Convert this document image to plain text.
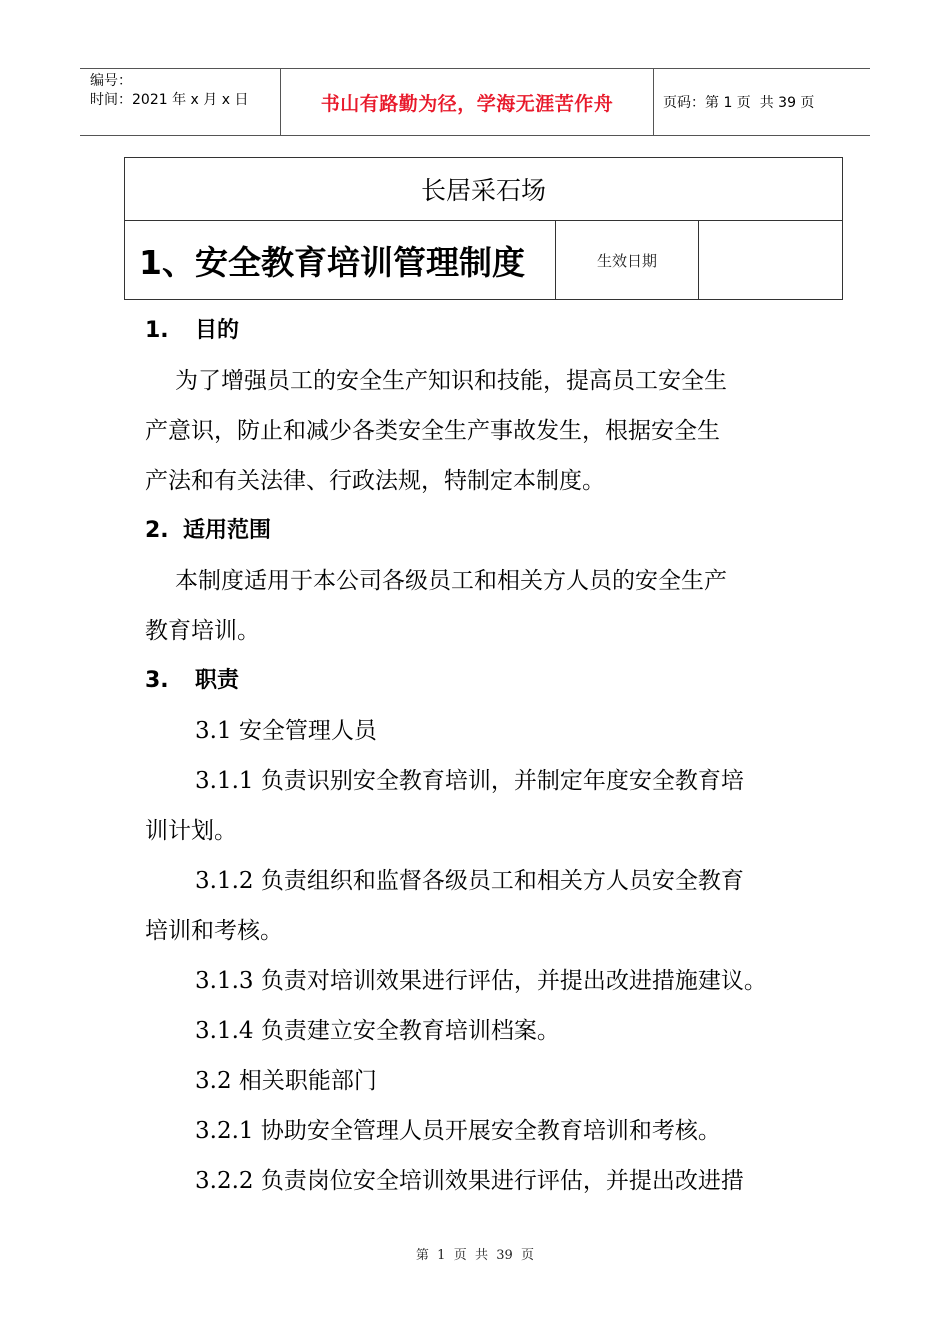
编号：
时间：2021 年 x 月 x 日	书山有路勤为径，学海无涯苦作舟	页码：第 1 页  共 39 页
长居采石场
1、安全教育培训管理制度	生效日期

1. 目的

为了增强员工的安全生产知识和技能，提高员工安全生

产意识，防止和减少各类安全生产事故发生，根据安全生

产法和有关法律、行政法规，特制定本制度。

2. 适用范围

本制度适用于本公司各级员工和相关方人员的安全生产

教育培训。

3. 职责

3.1 安全管理人员

3.1.1 负责识别安全教育培训，并制定年度安全教育培

训计划。

3.1.2 负责组织和监督各级员工和相关方人员安全教育

培训和考核。

3.1.3 负责对培训效果进行评估，并提出改进措施建议。

3.1.4 负责建立安全教育培训档案。

3.2 相关职能部门

3.2.1 协助安全管理人员开展安全教育培训和考核。

3.2.2 负责岗位安全培训效果进行评估，并提出改进措

第  1  页  共  39  页
